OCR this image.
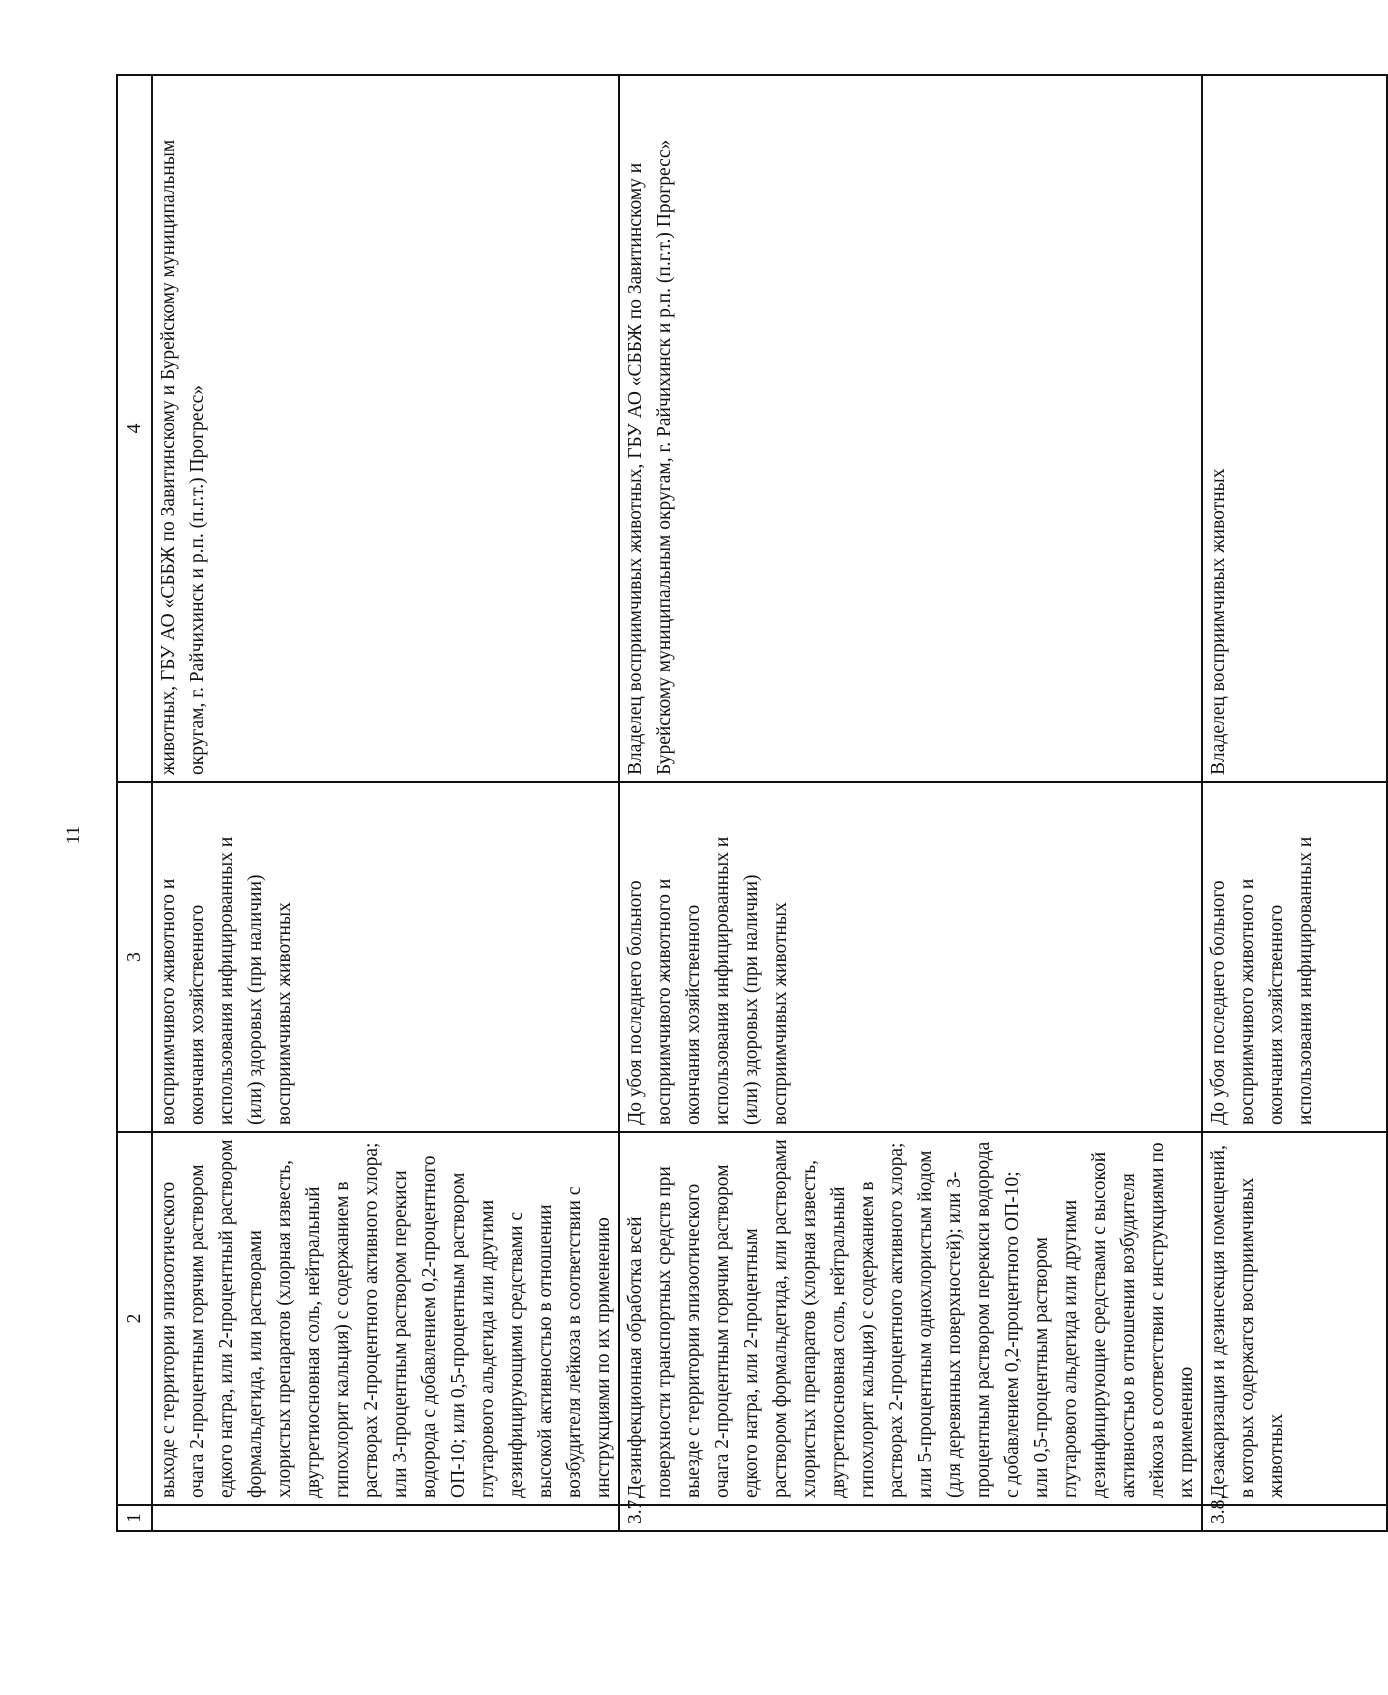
11
1	2	3	4

	выходе с территории эпизоотического очага 2-процентным горячим раствором едкого натра, или 2-процентный раствором формальдегида, или растворами хлористых препаратов (хлорная известь, двутретиосновная соль, нейтральный гипохлорит кальция) с содержанием в растворах 2-процентного активного хлора; или 3-процентным раствором перекиси водорода с добавлением 0,2-процентного ОП-10; или 0,5-процентным раствором глутарового альдегида или другими дезинфицирующими средствами с высокой активностью в отношении возбудителя лейкоза в соответствии с инструкциями по их применению	восприимчивого животного и окончания хозяйственного использования инфицированных и (или) здоровых (при наличии) восприимчивых животных	животных, ГБУ АО «СББЖ по Завитинскому и Бурейскому муниципальным округам, г. Райчихинск и р.п. (п.г.т.) Прогресс»

3.7.	Дезинфекционная обработка всей поверхности транспортных средств при выезде с территории эпизоотического очага 2-процентным горячим раствором едкого натра, или 2-процентным раствором формальдегида, или растворами хлористых препаратов (хлорная известь, двутретиосновная соль, нейтральный гипохлорит кальция) с содержанием в растворах 2-процентного активного хлора; или 5-процентным однохлористым йодом (для деревянных поверхностей); или 3-процентным раствором перекиси водорода с добавлением 0,2-процентного ОП-10; или 0,5-процентным раствором глутарового альдегида или другими дезинфицирующие средствами с высокой активностью в отношении возбудителя лейкоза в соответствии с инструкциями по их применению	До убоя последнего больного восприимчивого животного и окончания хозяйственного использования инфицированных и (или) здоровых (при наличии) восприимчивых животных	Владелец восприимчивых животных, ГБУ АО «СББЖ по Завитинскому и Бурейскому муниципальным округам, г. Райчихинск и р.п. (п.г.т.) Прогресс»

3.8.	Дезакаризация и дезинсекция помещений, в которых содержатся восприимчивых животных	До убоя последнего больного восприимчивого животного и окончания хозяйственного использования инфицированных и	Владелец восприимчивых животных
